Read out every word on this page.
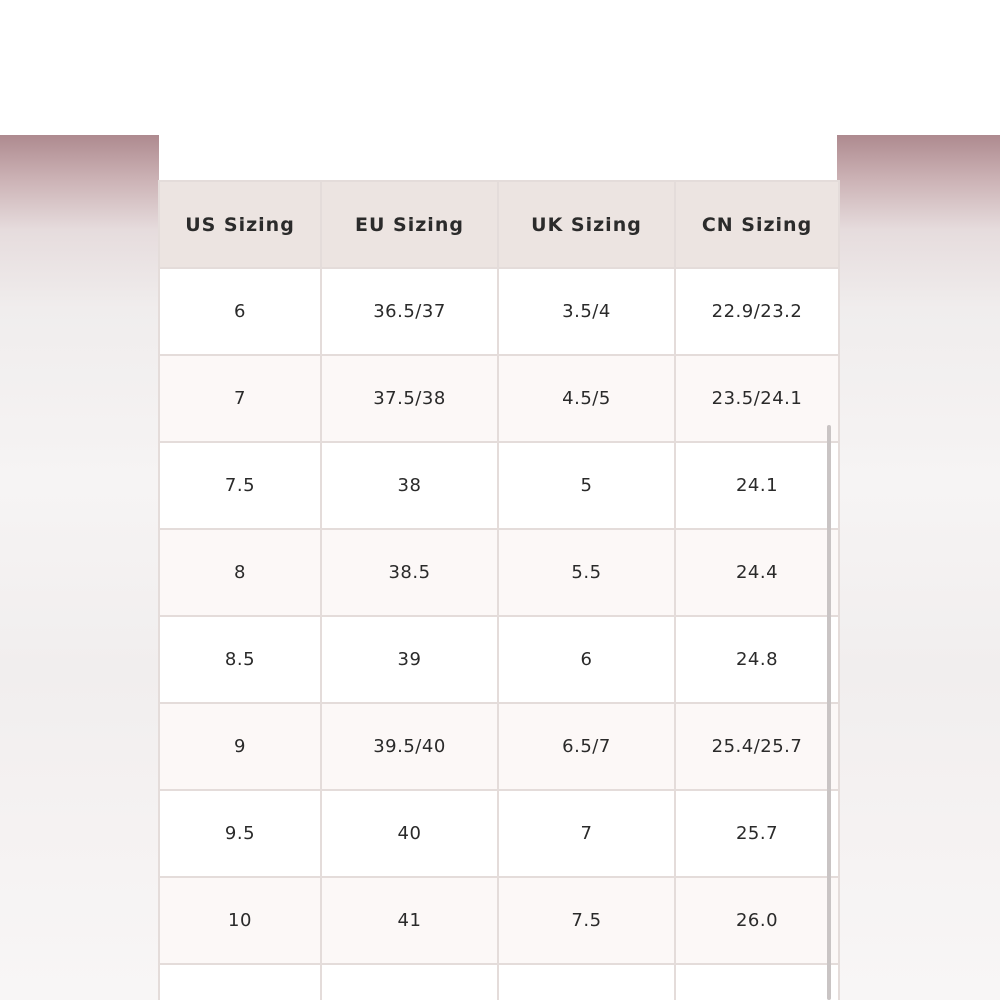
US Sizing	EU Sizing	UK Sizing	CN Sizing
6	36.5/37	3.5/4	22.9/23.2
7	37.5/38	4.5/5	23.5/24.1
7.5	38	5	24.1
8	38.5	5.5	24.4
8.5	39	6	24.8
9	39.5/40	6.5/7	25.4/25.7
9.5	40	7	25.7
10	41	7.5	26.0
